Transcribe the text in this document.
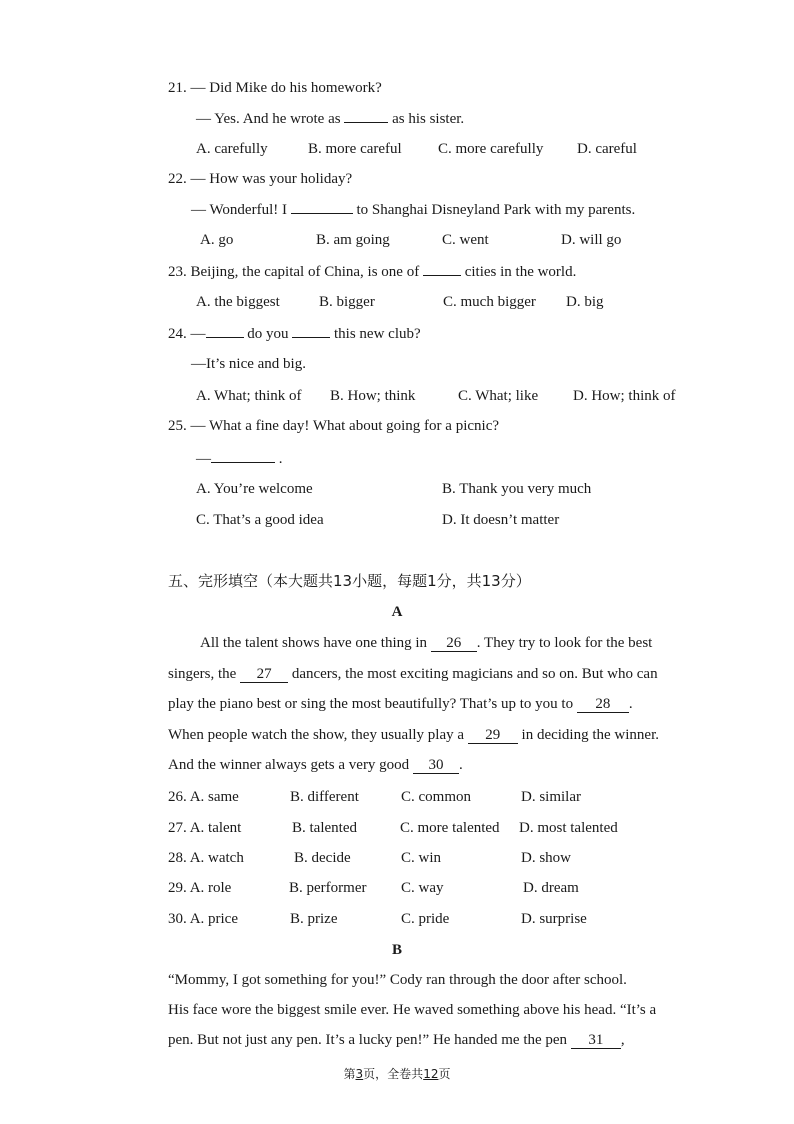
21. — Did Mike do his homework?
— Yes. And he wrote as	as his sister.
A. carefully	B. more careful C. more carefully D. careful
22. — How was your holiday?
— Wonderful! I	to Shanghai Disneyland Park with my parents.
A. go	B. am going	C. went	D. will go
23. Beijing, the capital of China, is one of	cities in the world.
A. the biggest	B. bigger	C. much bigger D. big
24. —	do you	this new club?
—It’s nice and big.
A. What; think of B. How; think	C. What; like D. How; think of
25. — What a fine day! What about going for a picnic?
—	.
A. You’re welcome	B. Thank you very much
C. That’s a good idea	D. It doesn’t matter
五、完形填空（本大题共13小题，每题1分，共13分）
A
All the talent shows have one thing in 26 . They try to look for the best
singers, the 27 dancers, the most exciting magicians and so on. But who can
play the piano best or sing the most beautifully? That’s up to you to 28 .
When people watch the show, they usually play a 29 in deciding the winner.
And the winner always gets a very good 30 .
26. A. same	B. different	C. common	D. similar
27. A. talent	B. talented	C. more talented D. most talented
28. A. watch	B. decide	C. win	D. show
29. A. role	B. performer C. way	D. dream
30. A. price	B. prize	C. pride	D. surprise
B
“Mommy, I got something for you!” Cody ran through the door after school.
His face wore the biggest smile ever. He waved something above his head. “It’s a
pen. But not just any pen. It’s a lucky pen!” He handed me the pen 31 ,
第3页，全卷共12页
